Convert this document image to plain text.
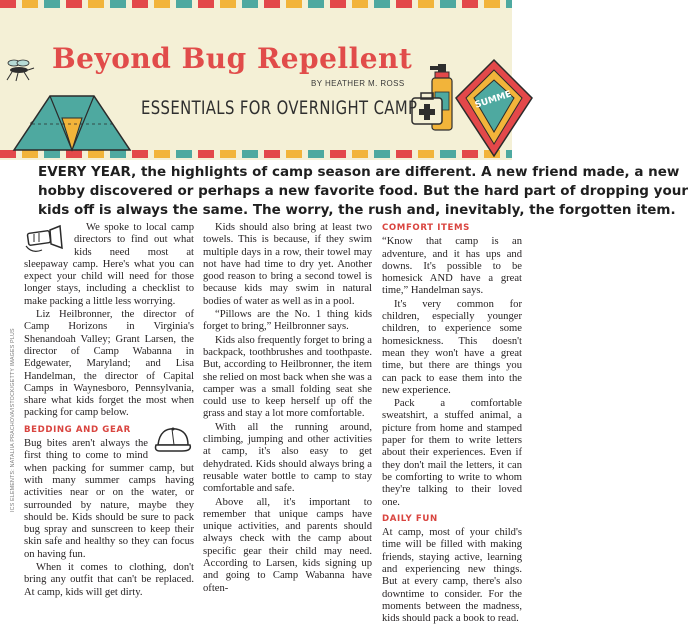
SUMME
Beyond Bug Repellent
BY HEATHER M. ROSS
ESSENTIALS FOR OVERNIGHT CAMP
EVERY YEAR, the highlights of camp season are different. A new friend made, a new
hobby discovered or perhaps a new favorite food. But the hard part of dropping your
kids off is always the same. The worry, the rush and, inevitably, the forgotten item.
ICS ELEMENTS: NATALIIA PRACHOVA/ISTOCK/GETTY IMAGES PLUS

We spoke to local camp directors to find out what kids need most at sleepaway camp. Here's what you can expect your child will need for those longer stays, including a checklist to make packing a little less worrying.

Liz Heilbronner, the director of Camp Horizons in Virginia's Shenandoah Valley; Grant Larsen, the director of Camp Wabanna in Edgewater, Maryland; and Lisa Handelman, the director of Capital Camps in Waynesboro, Pennsylvania, share what kids forget the most when packing for camp below.

BEDDING AND GEAR

Bug bites aren't always the first thing to come to mind when packing for summer camp, but with many summer camps having activities near or on the water, or surrounded by nature, maybe they should be. Kids should be sure to pack bug spray and sunscreen to keep their skin safe and healthy so they can focus on having fun.

When it comes to clothing, don't bring any outfit that can't be replaced. At camp, kids will get dirty.

Kids should also bring at least two towels. This is because, if they swim multiple days in a row, their towel may not have had time to dry yet. Another good reason to bring a second towel is because kids may swim in natural bodies of water as well as in a pool.

“Pillows are the No. 1 thing kids forget to bring,” Heilbronner says.

Kids also frequently forget to bring a backpack, toothbrushes and toothpaste. But, according to Heilbronner, the item she relied on most back when she was a camper was a small folding seat she could use to keep herself up off the grass and stay a lot more comfortable.

With all the running around, climbing, jumping and other activities at camp, it's also easy to get dehydrated. Kids should always bring a reusable water bottle to camp to stay comfortable and safe.

Above all, it's important to remember that unique camps have unique activities, and parents should always check with the camp about specific gear their child may need. According to Larsen, kids signing up and going to Camp Wabanna have often-

COMFORT ITEMS

“Know that camp is an adventure, and it has ups and downs. It's possible to be homesick AND have a great time,” Handelman says.

It's very common for children, especially younger children, to experience some homesickness. This doesn't mean they won't have a great time, but there are things you can pack to ease them into the new experience.

Pack a comfortable sweatshirt, a stuffed animal, a picture from home and stamped paper for them to write letters about their experiences. Even if they don't mail the letters, it can be comforting to write to whom they're talking to their loved one.

DAILY FUN

At camp, most of your child's time will be filled with making friends, staying active, learning and experiencing new things. But at every camp, there's also downtime to consider. For the moments between the madness, kids should pack a book to read.
